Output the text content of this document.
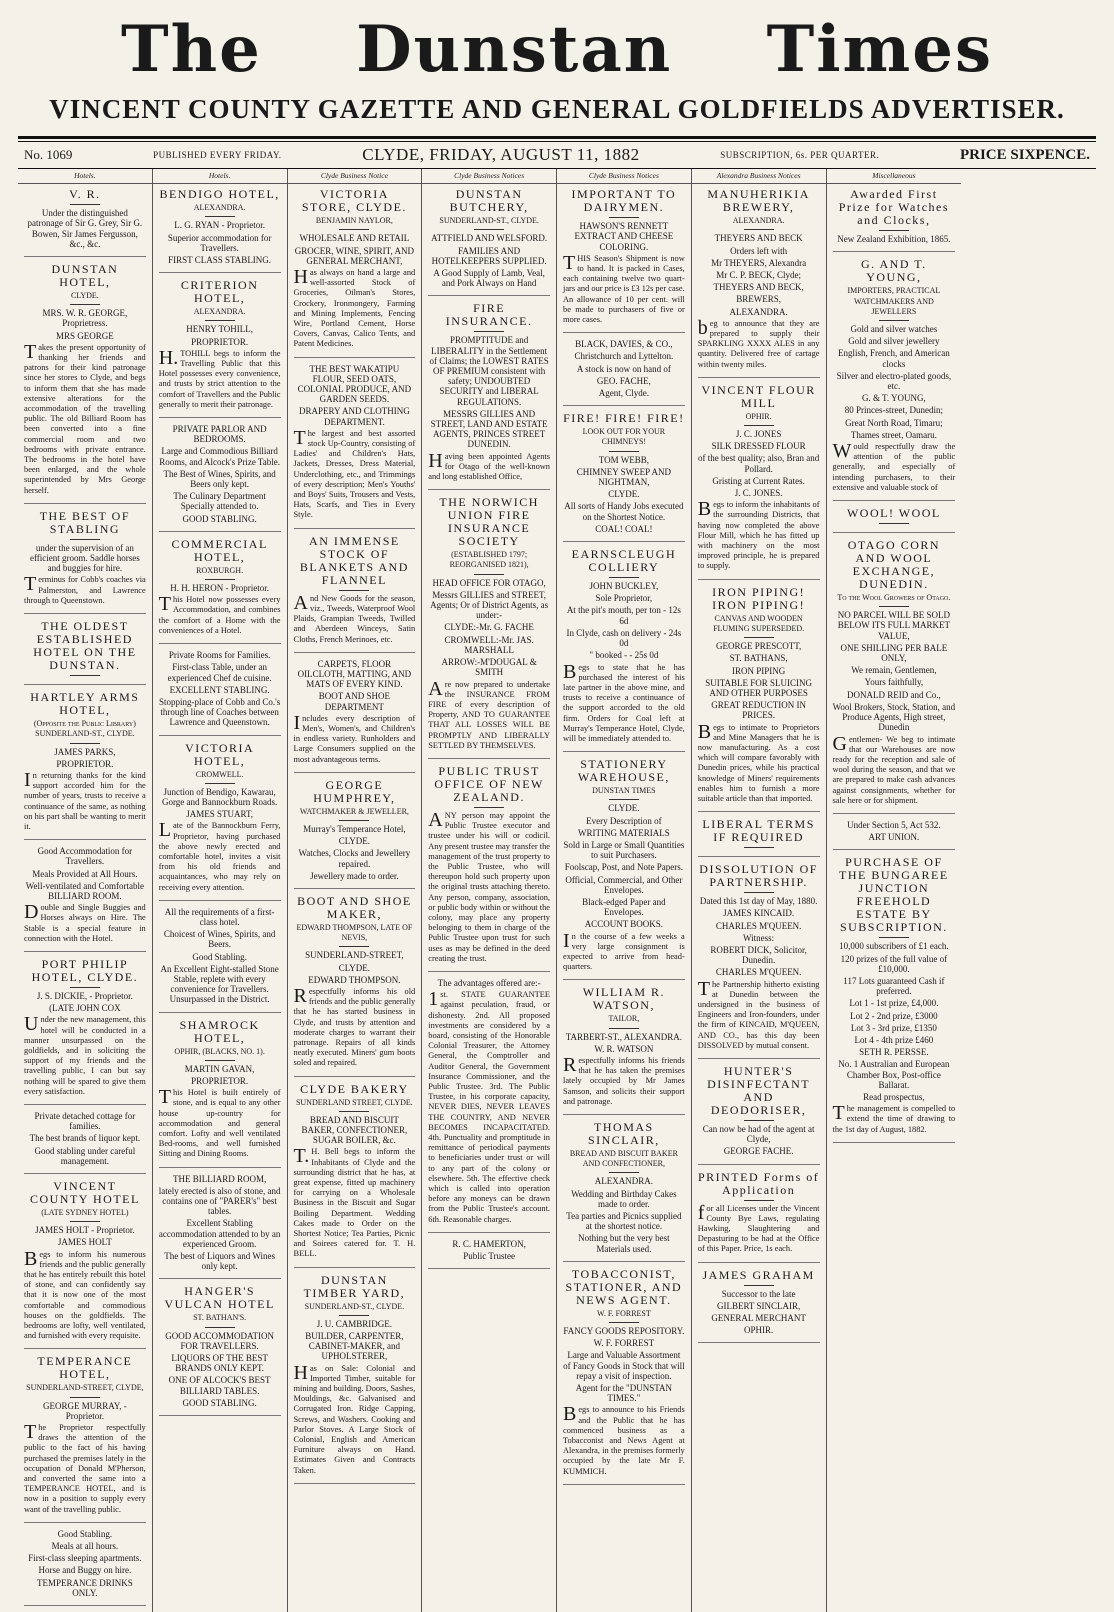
The Dunstan Times
VINCENT COUNTY GAZETTE AND GENERAL GOLDFIELDS ADVERTISER.
No. 1069	PUBLISHED EVERY FRIDAY.	CLYDE, FRIDAY, AUGUST 11, 1882	SUBSCRIPTION, 6s. PER QUARTER.	PRICE SIXPENCE.
Hotels.
V. R.
Under the distinguished patronage of Sir G. Grey, Sir G. Bowen, Sir James Fergusson, &c., &c.
DUNSTAN HOTEL,
CLYDE.
MRS. W. R. GEORGE, Proprietress.
MRS GEORGE
Takes the present opportunity of thanking her friends and patrons for their kind patronage since her stores to Clyde, and begs to inform them that she has made extensive alterations for the accommodation of the travelling public. The old Billiard Room has been converted into a fine commercial room and two bedrooms with private entrance. The bedrooms in the hotel have been enlarged, and the whole superintended by Mrs George herself.
THE BEST OF STABLING
under the supervision of an efficient groom. Saddle horses and buggies for hire.
Terminus for Cobb's coaches via Palmerston, and Lawrence through to Queenstown.
THE OLDEST ESTABLISHED HOTEL ON THE DUNSTAN.
HARTLEY ARMS HOTEL,
(Opposite the Public Library) SUNDERLAND-ST., CLYDE.
JAMES PARKS,
PROPRIETOR.
In returning thanks for the kind support accorded him for the number of years, trusts to receive a continuance of the same, as nothing on his part shall be wanting to merit it.
Good Accommodation for Travellers.
Meals Provided at All Hours.
Well-ventilated and Comfortable BILLIARD ROOM.
Double and Single Buggies and Horses always on Hire. The Stable is a special feature in connection with the Hotel.
PORT PHILIP HOTEL, CLYDE.
J. S. DICKIE, - Proprietor.
(LATE JOHN COX
Under the new management, this hotel will be conducted in a manner unsurpassed on the goldfields, and in soliciting the support of my friends and the travelling public, I can but say nothing will be spared to give them every satisfaction.
Private detached cottage for families.
The best brands of liquor kept.
Good stabling under careful management.
VINCENT COUNTY HOTEL
(LATE SYDNEY HOTEL)
JAMES HOLT - Proprietor.
JAMES HOLT
Begs to inform his numerous friends and the public generally that he has entirely rebuilt this hotel of stone, and can confidently say that it is now one of the most comfortable and commodious houses on the goldfields. The bedrooms are lofty, well ventilated, and furnished with every requisite.
TEMPERANCE HOTEL,
SUNDERLAND-STREET, CLYDE,
GEORGE MURRAY, - Proprietor.
The Proprietor respectfully draws the attention of the public to the fact of his having purchased the premises lately in the occupation of Donald M'Pherson, and converted the same into a TEMPERANCE HOTEL, and is now in a position to supply every want of the travelling public.
Good Stabling.
Meals at all hours.
First-class sleeping apartments.
Horse and Buggy on hire.
TEMPERANCE DRINKS ONLY.
Hotels.
BENDIGO HOTEL,
ALEXANDRA.
L. G. RYAN - Proprietor.
Superior accommodation for Travellers.
FIRST CLASS STABLING.
CRITERION HOTEL,
ALEXANDRA.
HENRY TOHILL,
PROPRIETOR.
H.TOHILL begs to inform the Travelling Public that this Hotel possesses every convenience, and trusts by strict attention to the comfort of Travellers and the Public generally to merit their patronage.
PRIVATE PARLOR AND BEDROOMS.
Large and Commodious Billiard Rooms, and Alcock's Prize Table.
The Best of Wines, Spirits, and Beers only kept.
The Culinary Department Specially attended to.
GOOD STABLING.
COMMERCIAL HOTEL,
ROXBURGH.
H. H. HERON - Proprietor.
This Hotel now possesses every Accommodation, and combines the comfort of a Home with the conveniences of a Hotel.
Private Rooms for Families.
First-class Table, under an experienced Chef de cuisine.
EXCELLENT STABLING.
Stopping-place of Cobb and Co.'s through line of Coaches between Lawrence and Queenstown.
VICTORIA HOTEL,
CROMWELL.
Junction of Bendigo, Kawarau, Gorge and Bannockburn Roads.
JAMES STUART,
Late of the Bannockburn Ferry, Proprietor, having purchased the above newly erected and comfortable hotel, invites a visit from his old friends and acquaintances, who may rely on receiving every attention.
All the requirements of a first-class hotel.
Choicest of Wines, Spirits, and Beers.
Good Stabling.
An Excellent Eight-stalled Stone Stable, replete with every convenience for Travellers. Unsurpassed in the District.
SHAMROCK HOTEL,
OPHIR, (BLACKS, NO. 1).
MARTIN GAVAN,
PROPRIETOR.
This Hotel is built entirely of stone, and is equal to any other house up-country for accommodation and general comfort. Lofty and well ventilated Bed-rooms, and well furnished Sitting and Dining Rooms.
THE BILLIARD ROOM,
lately erected is also of stone, and contains one of "PARER's" best tables.
Excellent Stabling accommodation attended to by an experienced Groom.
The best of Liquors and Wines only kept.
HANGER'S VULCAN HOTEL
ST. BATHAN'S.
GOOD ACCOMMODATION FOR TRAVELLERS.
LIQUORS OF THE BEST BRANDS ONLY KEPT.
ONE OF ALCOCK'S BEST BILLIARD TABLES.
GOOD STABLING.
Clyde Business Notice
VICTORIA STORE, CLYDE.
BENJAMIN NAYLOR,
WHOLESALE AND RETAIL
GROCER, WINE, SPIRIT, AND GENERAL MERCHANT,
Has always on hand a large and well-assorted Stock of Groceries, Oilman's Stores, Crockery, Ironmongery, Farming and Mining Implements, Fencing Wire, Portland Cement, Horse Covers, Canvas, Calico Tents, and Patent Medicines.
THE BEST WAKATIPU FLOUR, SEED OATS, COLONIAL PRODUCE, AND GARDEN SEEDS.
DRAPERY AND CLOTHING DEPARTMENT.
The largest and best assorted stock Up-Country, consisting of Ladies' and Children's Hats, Jackets, Dresses, Dress Material, Underclothing, etc., and Trimmings of every description; Men's Youths' and Boys' Suits, Trousers and Vests, Hats, Scarfs, and Ties in Every Style.
AN IMMENSE STOCK OF BLANKETS AND FLANNEL
And New Goods for the season, viz., Tweeds, Waterproof Wool Plaids, Grampian Tweeds, Twilled and Aberdeen Winceys, Satin Cloths, French Merinoes, etc.
CARPETS, FLOOR OILCLOTH, MATTING, AND MATS OF EVERY KIND.
BOOT AND SHOE DEPARTMENT
Includes every description of Men's, Women's, and Children's in endless variety. Runholders and Large Consumers supplied on the most advantageous terms.
GEORGE HUMPHREY,
WATCHMAKER & JEWELLER,
Murray's Temperance Hotel,
CLYDE.
Watches, Clocks and Jewellery repaired.
Jewellery made to order.
BOOT AND SHOE MAKER,
EDWARD THOMPSON, LATE OF NEVIS,
SUNDERLAND-STREET,
CLYDE.
EDWARD THOMPSON.
Respectfully informs his old friends and the public generally that he has started business in Clyde, and trusts by attention and moderate charges to warrant their patronage. Repairs of all kinds neatly executed. Miners' gum boots soled and repaired.
CLYDE BAKERY
SUNDERLAND STREET, CLYDE.
BREAD AND BISCUIT BAKER, CONFECTIONER, SUGAR BOILER, &c.
T.H. Bell begs to inform the Inhabitants of Clyde and the surrounding district that he has, at great expense, fitted up machinery for carrying on a Wholesale Business in the Biscuit and Sugar Boiling Department. Wedding Cakes made to Order on the Shortest Notice; Tea Parties, Picnic and Soirees catered for. T. H. BELL.
DUNSTAN TIMBER YARD,
SUNDERLAND-ST., CLYDE.
J. U. CAMBRIDGE.
BUILDER, CARPENTER, CABINET-MAKER, and UPHOLSTERER,
Has on Sale: Colonial and Imported Timber, suitable for mining and building. Doors, Sashes, Mouldings, &c. Galvanised and Corrugated Iron. Ridge Capping, Screws, and Washers. Cooking and Parlor Stoves. A Large Stock of Colonial, English and American Furniture always on Hand. Estimates Given and Contracts Taken.
Clyde Business Notices
DUNSTAN BUTCHERY,
SUNDERLAND-ST., CLYDE.
ATTFIELD AND WELSFORD.
FAMILIES AND HOTELKEEPERS SUPPLIED.
A Good Supply of Lamb, Veal, and Pork Always on Hand
FIRE INSURANCE.
PROMPTITUDE and LIBERALITY in the Settlement of Claims; the LOWEST RATES OF PREMIUM consistent with safety; UNDOUBTED SECURITY and LIBERAL REGULATIONS.
MESSRS GILLIES AND STREET, LAND AND ESTATE AGENTS, PRINCES STREET DUNEDIN.
Having been appointed Agents for Otago of the well-known and long established Office,
THE NORWICH UNION FIRE INSURANCE SOCIETY
(ESTABLISHED 1797; REORGANISED 1821),
HEAD OFFICE FOR OTAGO,
Messrs GILLIES and STREET, Agents; Or of District Agents, as under:-
CLYDE:-Mr. G. FACHE
CROMWELL:-Mr. JAS. MARSHALL
ARROW:-M'DOUGAL & SMITH
Are now prepared to undertake the INSURANCE FROM FIRE of every description of Property, AND TO GUARANTEE THAT ALL LOSSES WILL BE PROMPTLY AND LIBERALLY SETTLED BY THEMSELVES.
PUBLIC TRUST OFFICE OF NEW ZEALAND.
ANY person may appoint the Public Trustee executor and trustee under his will or codicil. Any present trustee may transfer the management of the trust property to the Public Trustee, who will thereupon hold such property upon the original trusts attaching thereto. Any person, company, association, or public body within or without the colony, may place any property belonging to them in charge of the Public Trustee upon trust for such uses as may be defined in the deed creating the trust.
The advantages offered are:-
1st. STATE GUARANTEE against peculation, fraud, or dishonesty. 2nd. All proposed investments are considered by a board, consisting of the Honorable Colonial Treasurer, the Attorney General, the Comptroller and Auditor General, the Government Insurance Commissioner, and the Public Trustee. 3rd. The Public Trustee, in his corporate capacity, NEVER DIES, NEVER LEAVES THE COUNTRY, AND NEVER BECOMES INCAPACITATED. 4th. Punctuality and promptitude in remittance of periodical payments to beneficiaries under trust or will to any part of the colony or elsewhere. 5th. The effective check which is called into operation before any moneys can be drawn from the Public Trustee's account. 6th. Reasonable charges.
R. C. HAMERTON,
Public Trustee
Clyde Business Notices
IMPORTANT TO DAIRYMEN.
HAWSON'S RENNETT EXTRACT AND CHEESE COLORING.
THIS Season's Shipment is now to hand. It is packed in Cases, each containing twelve two quart-jars and our price is £3 12s per case. An allowance of 10 per cent. will be made to purchasers of five or more cases.
BLACK, DAVIES, & CO.,
Christchurch and Lyttelton.
A stock is now on hand of
GEO. FACHE,
Agent, Clyde.
FIRE! FIRE! FIRE!
LOOK OUT FOR YOUR CHIMNEYS!
TOM WEBB,
CHIMNEY SWEEP AND NIGHTMAN,
CLYDE.
All sorts of Handy Jobs executed on the Shortest Notice.
COAL! COAL!
EARNSCLEUGH COLLIERY
JOHN BUCKLEY,
Sole Proprietor,
At the pit's mouth, per ton - 12s 6d
In Clyde, cash on delivery - 24s 0d
" booked - - 25s 0d
Begs to state that he has purchased the interest of his late partner in the above mine, and trusts to receive a continuance of the support accorded to the old firm. Orders for Coal left at Murray's Temperance Hotel, Clyde, will be immediately attended to.
STATIONERY WAREHOUSE,
DUNSTAN TIMES
CLYDE.
Every Description of
WRITING MATERIALS
Sold in Large or Small Quantities to suit Purchasers.
Foolscap, Post, and Note Papers.
Official, Commercial, and Other Envelopes.
Black-edged Paper and Envelopes.
ACCOUNT BOOKS.
In the course of a few weeks a very large consignment is expected to arrive from head-quarters.
WILLIAM R. WATSON,
TAILOR,
TARBERT-ST., ALEXANDRA.
W. R. WATSON
Respectfully informs his friends that he has taken the premises lately occupied by Mr James Samson, and solicits their support and patronage.
THOMAS SINCLAIR,
BREAD AND BISCUIT BAKER AND CONFECTIONER,
ALEXANDRA.
Wedding and Birthday Cakes made to order.
Tea parties and Picnics supplied at the shortest notice.
Nothing but the very best Materials used.
TOBACCONIST, STATIONER, AND NEWS AGENT.
W. F. FORREST
FANCY GOODS REPOSITORY.
W. F. FORREST
Large and Valuable Assortment of Fancy Goods in Stock that will repay a visit of inspection.
Agent for the "DUNSTAN TIMES."
Begs to announce to his Friends and the Public that he has commenced business as a Tobacconist and News Agent at Alexandra, in the premises formerly occupied by the late Mr F. KUMMICH.
Alexandra Business Notices
MANUHERIKIA BREWERY,
ALEXANDRA.
THEYERS AND BECK
Orders left with
Mr THEYERS, Alexandra
Mr C. P. BECK, Clyde;
THEYERS AND BECK,
BREWERS,
ALEXANDRA.
beg to announce that they are prepared to supply their SPARKLING XXXX ALES in any quantity. Delivered free of cartage within twenty miles.
VINCENT FLOUR MILL
OPHIR.
J. C. JONES
SILK DRESSED FLOUR
of the best quality; also, Bran and Pollard.
Gristing at Current Rates.
J. C. JONES.
Begs to inform the inhabitants of the surrounding Districts, that having now completed the above Flour Mill, which he has fitted up with machinery on the most improved principle, he is prepared to supply.
IRON PIPING! IRON PIPING!
CANVAS AND WOODEN FLUMING SUPERSEDED.
GEORGE PRESCOTT,
ST. BATHANS,
IRON PIPING
SUITABLE FOR SLUICING AND OTHER PURPOSES
GREAT REDUCTION IN PRICES.
Begs to intimate to Proprietors and Mine Managers that he is now manufacturing. As a cost which will compare favorably with Dunedin prices, while his practical knowledge of Miners' requirements enables him to furnish a more suitable article than that imported.
LIBERAL TERMS IF REQUIRED
DISSOLUTION OF PARTNERSHIP.
Dated this 1st day of May, 1880.
JAMES KINCAID.
CHARLES M'QUEEN.
Witness:
ROBERT DICK, Solicitor, Dunedin.
CHARLES M'QUEEN.
The Partnership hitherto existing at Dunedin between the undersigned in the business of Engineers and Iron-founders, under the firm of KINCAID, M'QUEEN, AND CO., has this day been DISSOLVED by mutual consent.
HUNTER'S DISINFECTANT AND DEODORISER,
Can now be had of the agent at Clyde,
GEORGE FACHE.
PRINTED Forms of Application
for all Licenses under the Vincent County Bye Laws, regulating Hawking, Slaughtering and Depasturing to be had at the Office of this Paper. Price, 1s each.
JAMES GRAHAM
Successor to the late
GILBERT SINCLAIR,
GENERAL MERCHANT
OPHIR.
Miscellaneous
Awarded First Prize for Watches and Clocks,
New Zealand Exhibition, 1865.
G. AND T. YOUNG,
IMPORTERS, PRACTICAL WATCHMAKERS AND JEWELLERS
Gold and silver watches
Gold and silver jewellery
English, French, and American clocks
Silver and electro-plated goods, etc.
G. & T. YOUNG,
80 Princes-street, Dunedin;
Great North Road, Timaru;
Thames street, Oamaru.
Would respectfully draw the attention of the public generally, and especially of intending purchasers, to their extensive and valuable stock of
WOOL! WOOL
OTAGO CORN AND WOOL EXCHANGE, DUNEDIN.
To the Wool Growers of Otago.
NO PARCEL WILL BE SOLD BELOW ITS FULL MARKET VALUE,
ONE SHILLING PER BALE ONLY,
We remain, Gentlemen,
Yours faithfully,
DONALD REID and Co.,
Wool Brokers, Stock, Station, and Produce Agents, High street, Dunedin
Gentlemen- We beg to intimate that our Warehouses are now ready for the reception and sale of wool during the season, and that we are prepared to make cash advances against consignments, whether for sale here or for shipment.
Under Section 5, Act 532.
ART UNION.
PURCHASE OF THE BUNGAREE JUNCTION FREEHOLD ESTATE BY SUBSCRIPTION.
10,000 subscribers of £1 each.
120 prizes of the full value of £10,000.
117 Lots guaranteed Cash if preferred.
Lot 1 - 1st prize, £4,000.
Lot 2 - 2nd prize, £3000
Lot 3 - 3rd prize, £1350
Lot 4 - 4th prize £460
SETH R. PERSSE.
No. 1 Australian and European Chamber Box, Post-office Ballarat.
Read prospectus,
The management is compelled to extend the time of drawing to the 1st day of August, 1882.
